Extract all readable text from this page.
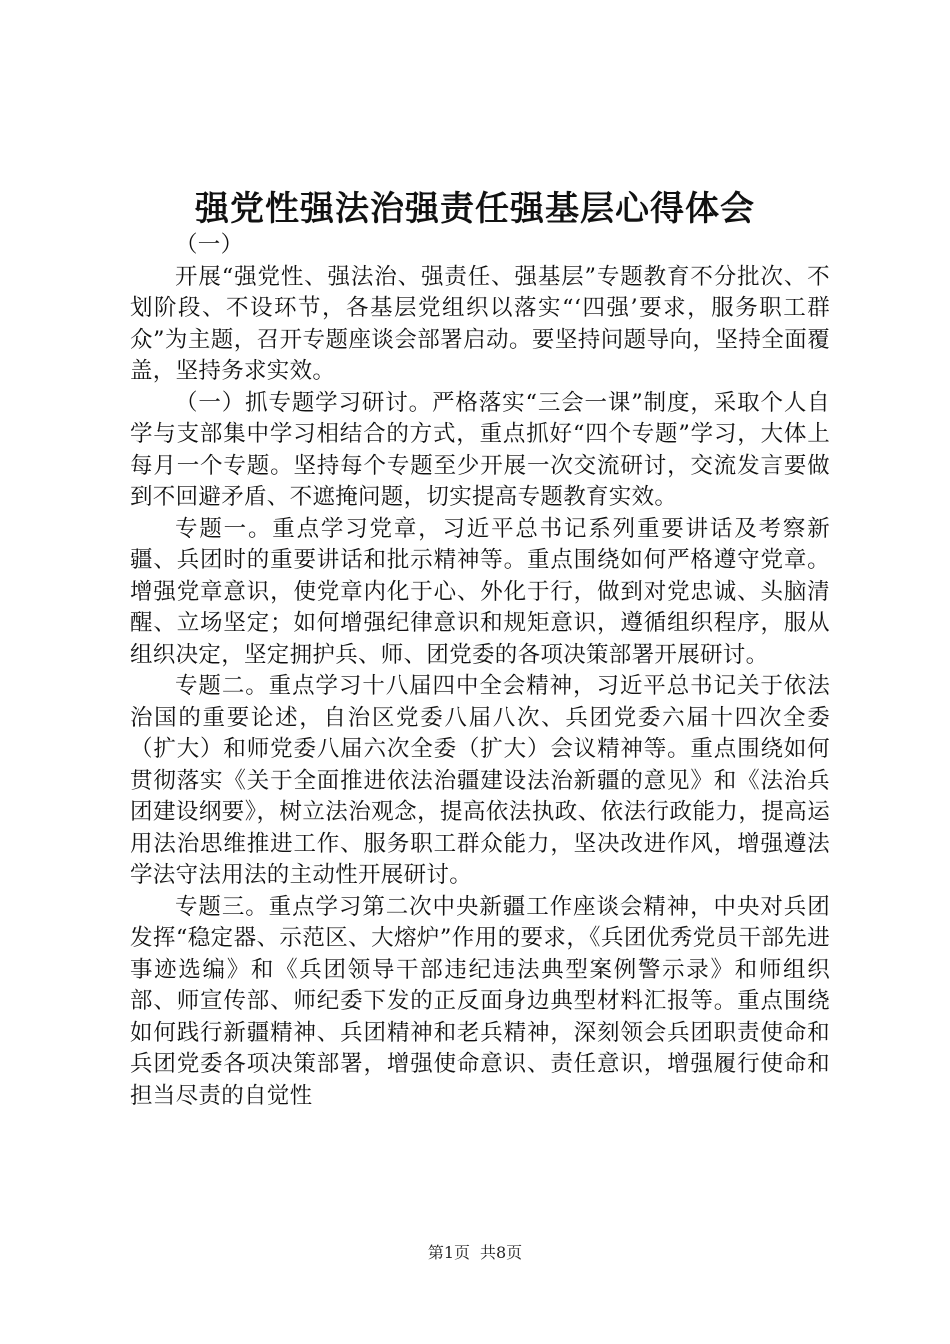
强党性强法治强责任强基层心得体会

（一）

开展“强党性、强法治、强责任、强基层”专题教育不分批次、不划阶段、不设环节，各基层党组织以落实“‘四强’要求，服务职工群众”为主题，召开专题座谈会部署启动。要坚持问题导向，坚持全面覆盖，坚持务求实效。

（一）抓专题学习研讨。严格落实“三会一课”制度，采取个人自学与支部集中学习相结合的方式，重点抓好“四个专题”学习，大体上每月一个专题。坚持每个专题至少开展一次交流研讨，交流发言要做到不回避矛盾、不遮掩问题，切实提高专题教育实效。

专题一。重点学习党章，习近平总书记系列重要讲话及考察新疆、兵团时的重要讲话和批示精神等。重点围绕如何严格遵守党章。增强党章意识，使党章内化于心、外化于行，做到对党忠诚、头脑清醒、立场坚定；如何增强纪律意识和规矩意识，遵循组织程序，服从组织决定，坚定拥护兵、师、团党委的各项决策部署开展研讨。

专题二。重点学习十八届四中全会精神，习近平总书记关于依法治国的重要论述，自治区党委八届八次、兵团党委六届十四次全委（扩大）和师党委八届六次全委（扩大）会议精神等。重点围绕如何贯彻落实《关于全面推进依法治疆建设法治新疆的意见》和《法治兵团建设纲要》，树立法治观念，提高依法执政、依法行政能力，提高运用法治思维推进工作、服务职工群众能力，坚决改进作风，增强遵法学法守法用法的主动性开展研讨。

专题三。重点学习第二次中央新疆工作座谈会精神，中央对兵团发挥“稳定器、示范区、大熔炉”作用的要求，《兵团优秀党员干部先进事迹选编》和《兵团领导干部违纪违法典型案例警示录》和师组织部、师宣传部、师纪委下发的正反面身边典型材料汇报等。重点围绕如何践行新疆精神、兵团精神和老兵精神，深刻领会兵团职责使命和兵团党委各项决策部署，增强使命意识、责任意识，增强履行使命和担当尽责的自觉性

第1页 共8页
